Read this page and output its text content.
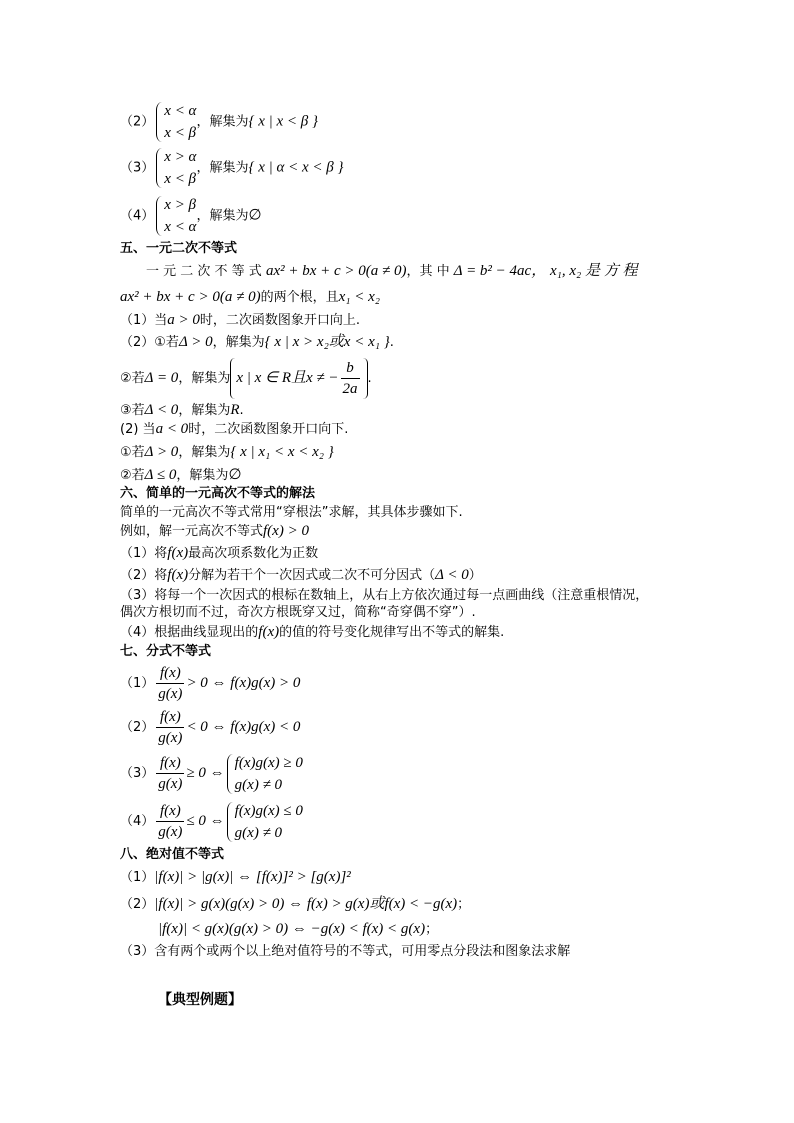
（2）
x < α
x < β
，解集为{ x | x < β }
（3）
x > α
x < β
，解集为{ x | α < x < β }
（4）
x > β
x < α
，解集为∅
五、一元二次不等式
一 元 二 次 不 等 式 ax² + bx + c > 0(a ≠ 0)，其 中 Δ = b² − 4ac， x₁, x₂ 是 方 程
ax² + bx + c > 0(a ≠ 0)的两个根，且x₁ < x₂
（1）当a > 0时，二次函数图象开口向上.
（2）①若Δ > 0，解集为{ x | x > x₂或x < x₁ }.
②若Δ = 0，解集为 x | x ∈ R且x ≠ − $\frac{b}{2a}$ .
③若Δ < 0，解集为R.
(2) 当a < 0时，二次函数图象开口向下.
①若Δ > 0，解集为{ x | x₁ < x < x₂ }
②若Δ ≤ 0，解集为∅
六、简单的一元高次不等式的解法
简单的一元高次不等式常用“穿根法”求解，其具体步骤如下.
例如，解一元高次不等式f(x) > 0
（1）将f(x)最高次项系数化为正数
（2）将f(x)分解为若干个一次因式或二次不可分因式（Δ < 0）
（3）将每一个一次因式的根标在数轴上，从右上方依次通过每一点画曲线（注意重根情况，
偶次方根切而不过，奇次方根既穿又过，简称“奇穿偶不穿”）.
（4）根据曲线显现出的f(x)的值的符号变化规律写出不等式的解集.
七、分式不等式
$(1) \frac{f(x)}{g(x)} > 0$ ⇔ f(x)g(x) > 0
$(2) \frac{f(x)}{g(x)} < 0$ ⇔ f(x)g(x) < 0
$(3) \frac{f(x)}{g(x)} \ge 0$ ⇔
f(x)g(x) ≥ 0
g(x) ≠ 0
$(4) \frac{f(x)}{g(x)} \le 0$ ⇔
f(x)g(x) ≤ 0
g(x) ≠ 0
八、绝对值不等式
（1）|f(x)| > |g(x)| ⇔ [f(x)]² > [g(x)]²
（2）|f(x)| > g(x)(g(x) > 0) ⇔ f(x) > g(x)或f(x) < −g(x)；
|f(x)| < g(x)(g(x) > 0) ⇔ −g(x) < f(x) < g(x)；
（3）含有两个或两个以上绝对值符号的不等式，可用零点分段法和图象法求解
【典型例题】
